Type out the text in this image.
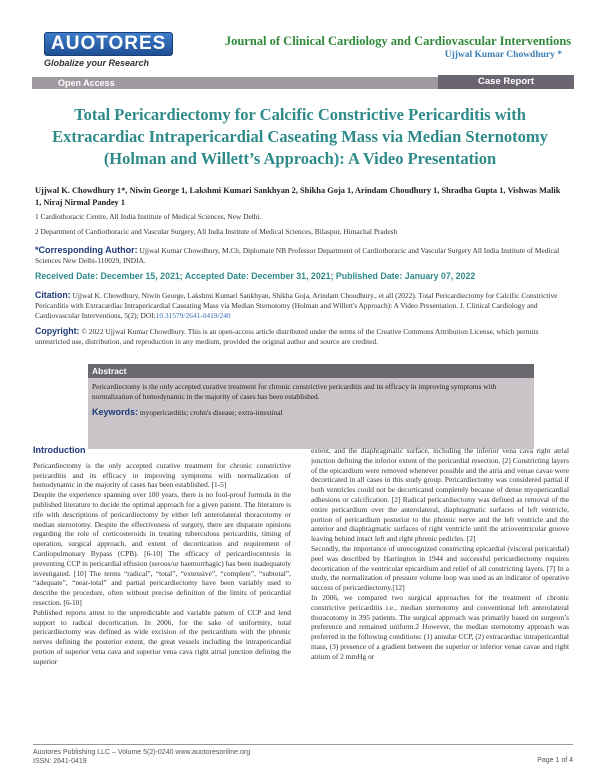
AUOTORES
Globalize your Research
Journal of Clinical Cardiology and Cardiovascular Interventions
Ujjwal Kumar Chowdhury *
Open Access	Case Report
Total Pericardiectomy for Calcific Constrictive Pericarditis with Extracardiac Intrapericardial Caseating Mass via Median Sternotomy (Holman and Willett’s Approach): A Video Presentation
Ujjwal K. Chowdhury 1*, Niwin George 1, Lakshmi Kumari Sankhyan 2, Shikha Goja 1, Arindam Choudhury 1, Shradha Gupta 1, Vishwas Malik 1, Niraj Nirmal Pandey 1
1 Cardiothoracic Centre, All India Institute of Medical Sciences, New Delhi.
2 Department of Cardiothoracic and Vascular Surgery, All India Institute of Medical Sciences, Bilaspur, Himachal Pradesh
*Corresponding Author: Ujjwal Kumar Chowdhury, M.Ch, Diplomate NB Professor Department of Cardiothoracic and Vascular Surgery All India Institute of Medical Sciences New Delhi-110029, INDIA.
Received Date: December 15, 2021; Accepted Date: December 31, 2021; Published Date: January 07, 2022
Citation: Ujjwal K. Chowdhury, Niwin George, Lakshmi Kumari Sankhyan, Shikha Goja, Arindam Choudhury., et all (2022). Total Pericardiectomy for Calcific Constrictive Pericarditis with Extracardiac Intrapericardial Caseating Mass via Median Sternotomy (Holman and Willett's Approach): A Video Presentation. J. Clinical Cardiology and Cardiovascular Interventions, 5(2); DOI:10.31579/2641-0419/240
Copyright: © 2022 Ujjwal Kumar Chowdhury. This is an open-access article distributed under the terms of the Creative Commons Attribution License, which permits unrestricted use, distribution, and reproduction in any medium, provided the original author and source are credited.
Abstract
Pericardiectomy is the only accepted curative treatment for chronic constrictive pericarditis and its efficacy in improving symptoms with normalization of hemodynamic in the majority of cases has been established.
Keywords: myopericarditis; crohn's disease; extra-intestinal
Introduction

Pericardiectomy is the only accepted curative treatment for chronic constrictive pericarditis and its efficacy in improving symptoms with normalization of hemodynamic in the majority of cases has been established. [1-5]

Despite the experience spanning over 100 years, there is no fool-proof formula in the published literature to decide the optimal approach for a given patient. The literature is rife with descriptions of pericardiectomy by either left anterolateral thoracotomy or median sternotomy. Despite the effectiveness of surgery, there are disparate opinions regarding the role of corticosteroids in treating tuberculous pericarditis, timing of operation, surgical approach, and extent of decortication and requirement of Cardiopulmonary Bypass (CPB). [6-10] The efficacy of pericardiocentesis in preventing CCP in pericardial effusion (serous/or haemorrhagic) has been inadequately investigated. [10] The terms “radical”, “total”, “extensive”, “complete”, “subtotal”, “adequate”, “near-total” and partial pericardiectomy have been variably used to describe the procedure, often without precise definition of the limits of pericardial resection. [6-10]

Published reports attest to the unpredictable and variable pattern of CCP and lend support to radical decortication. In 2006, for the sake of uniformity, total pericardiectomy was defined as wide excision of the pericardium with the phrenic nerves defining the posterior extent, the great vessels including the intrapericardial portion of superior vena cava and superior vena cava right atrial junction defining the superior

extent, and the diaphragmatic surface, including the inferior vena cava right atrial junction defining the inferior extent of the pericardial resection. [2] Constricting layers of the epicardium were removed whenever possible and the atria and venae cavae were decorticated in all cases in this study group. Pericardiectomy was considered partial if both ventricles could not be decorticated completely because of dense myopericardial adhesions or calcification. [2] Radical pericardiectomy was defined as removal of the entire pericardium over the anterolateral, diaphragmatic surfaces of left ventricle, portion of pericardium posterior to the phrenic nerve and the left ventricle and the anterior and diaphragmatic surfaces of right ventricle until the atrioventricular groove leaving behind intact left and right phrenic pedicles. [2]

Secondly, the importance of unrecognized constricting epicardial (visceral pericardial) peel was described by Harrington in 1944 and successful pericardiectomy requires decortication of the ventricular epicardium and relief of all constricting layers. [7] In a study, the normalization of pressure volume loop was used as an indicator of operative success of pericardiectomy.[12]

In 2006, we compared two surgical approaches for the treatment of chronic constrictive pericarditis i.e., median sternotomy and conventional left anterolateral thoracotomy in 395 patients. The surgical approach was primarily based on surgeon’s preference and remained uniform.2 However, the median sternotomy approach was preferred in the following conditions: (1) annular CCP, (2) extracardiac intrapericardial mass, (3) presence of a gradient between the superior or inferior venae cavae and right atrium of 2 mmHg or

Auotores Publishing LLC – Volume 5(2)-0240 www.auotoresonline.org
ISSN: 2641-0419	Page 1 of 4
